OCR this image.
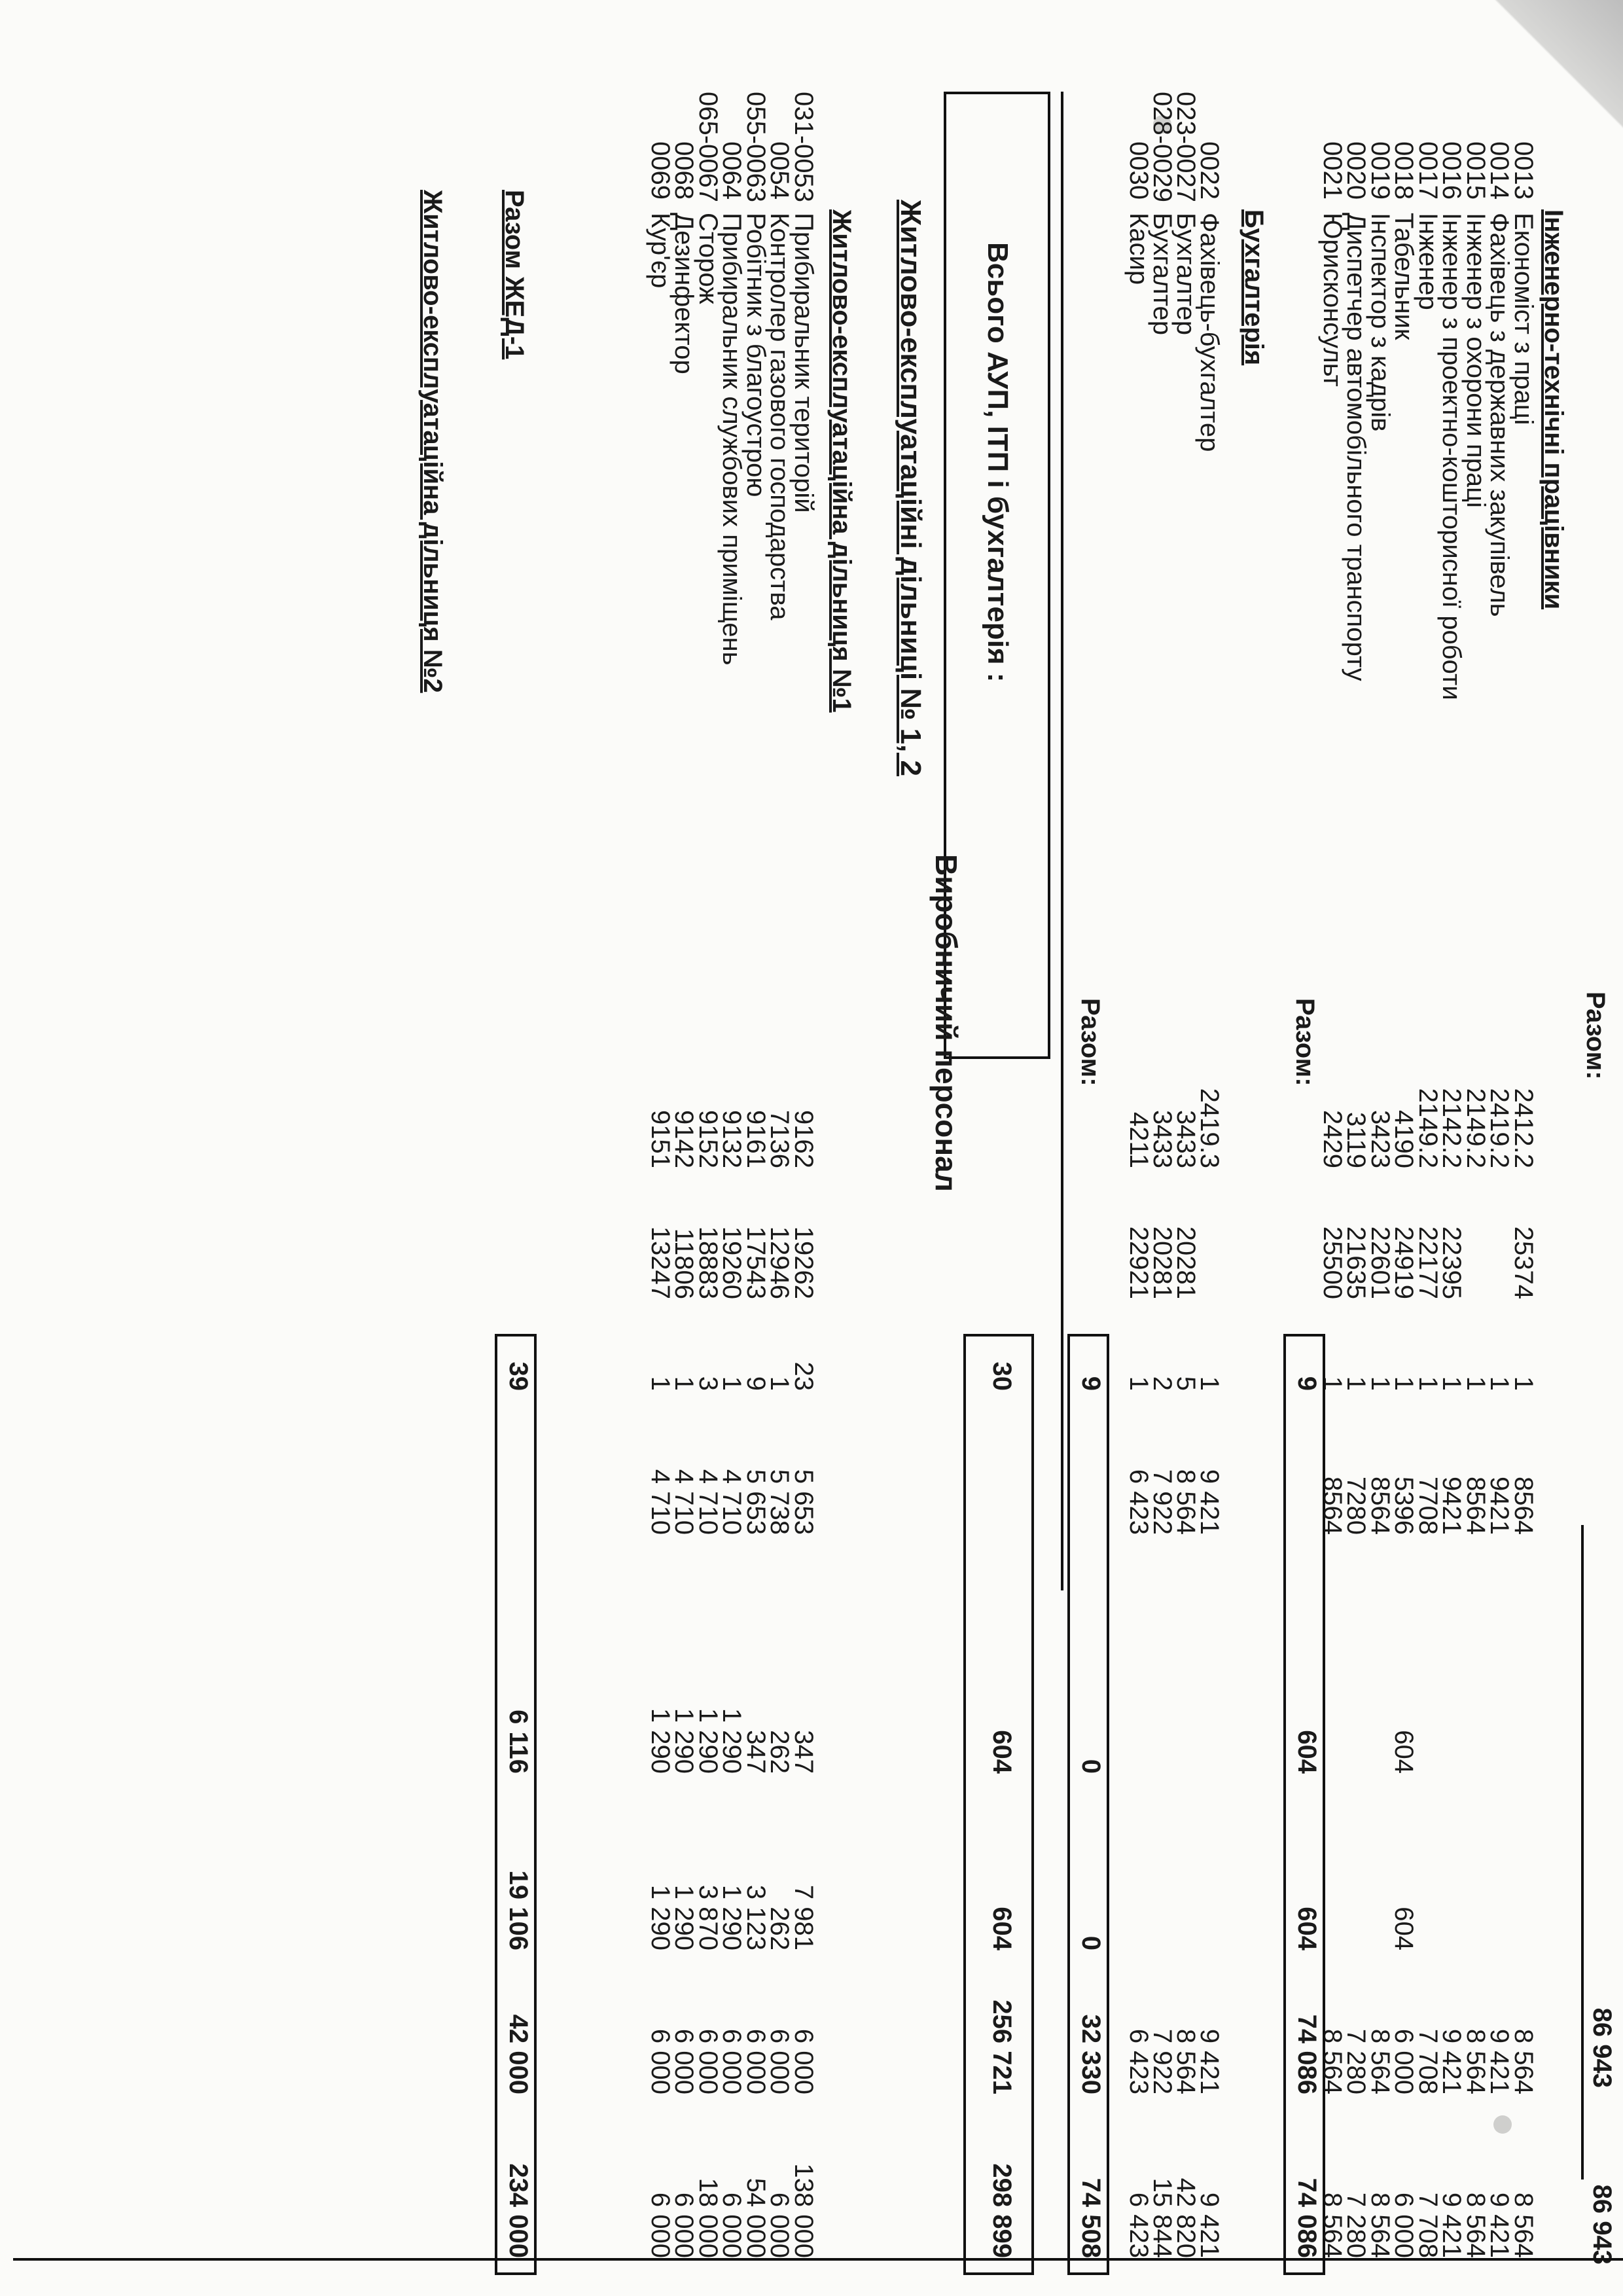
Разом:
86 943
86 943
Інженерно-технічні працівники
0013
Економіст з праці
2412.2
25374
1
8564
8 564
8 564
0014
Фахівець з державних закупівель
2419.2
1
9421
9 421
9 421
0015
Інженер з охорони праці
2149.2
1
8564
8 564
8 564
0016
Інженер з проектно-кошторисної роботи
2142.2
22395
1
9421
9 421
9 421
0017
Інженер
2149.2
22177
1
7708
7 708
7 708
0018
Табельник
4190
24919
1
5396
604
604
6 000
6 000
0019
Інспектор з кадрів
3423
22601
1
8564
8 564
8 564
0020
Диспетчер автомобільного транспорту
3119
21635
1
7280
7 280
7 280
0021
Юрисконсульт
2429
25500
1
8564
8 564
8 564
Разом:
9
604
604
74 086
74 086
Бухгалтерія
0022
Фахівець-бухгалтер
2419.3
1
9 421
9 421
9 421
023-0027
Бухгалтер
3433
20281
5
8 564
8 564
42 820
028-0029
Бухгалтер
3433
20281
2
7 922
7 922
15 844
0030
Касир
4211
22921
1
6 423
6 423
6 423
Разом:
9
0
0
32 330
74 508
Всього АУП, ІТП і бухгалтерія :
30
604
604
256 721
298 899
Виробничий персонал
Житлово-експлуатаційні дільниці № 1, 2
Житлово-експлуатаційна дільниця №1
031-0053
Прибиральник територій
9162
19262
23
5 653
347
7 981
6 000
138 000
0054
Контролер газового господарства
7136
12946
1
5 738
262
262
6 000
6 000
055-0063
Робітник з благоустрою
9161
17543
9
5 653
347
3 123
6 000
54 000
0064
Прибиральник службових приміщень
9132
19260
1
4 710
1 290
1 290
6 000
6 000
065-0067
Сторож
9152
18883
3
4 710
1 290
3 870
6 000
18 000
0068
Дезинфектор
9142
11806
1
4 710
1 290
1 290
6 000
6 000
0069
Кур'єр
9151
13247
1
4 710
1 290
1 290
6 000
6 000
Разом ЖЕД-1
39
6 116
19 106
42 000
234 000
Житлово-експлуатаційна дільниця №2
